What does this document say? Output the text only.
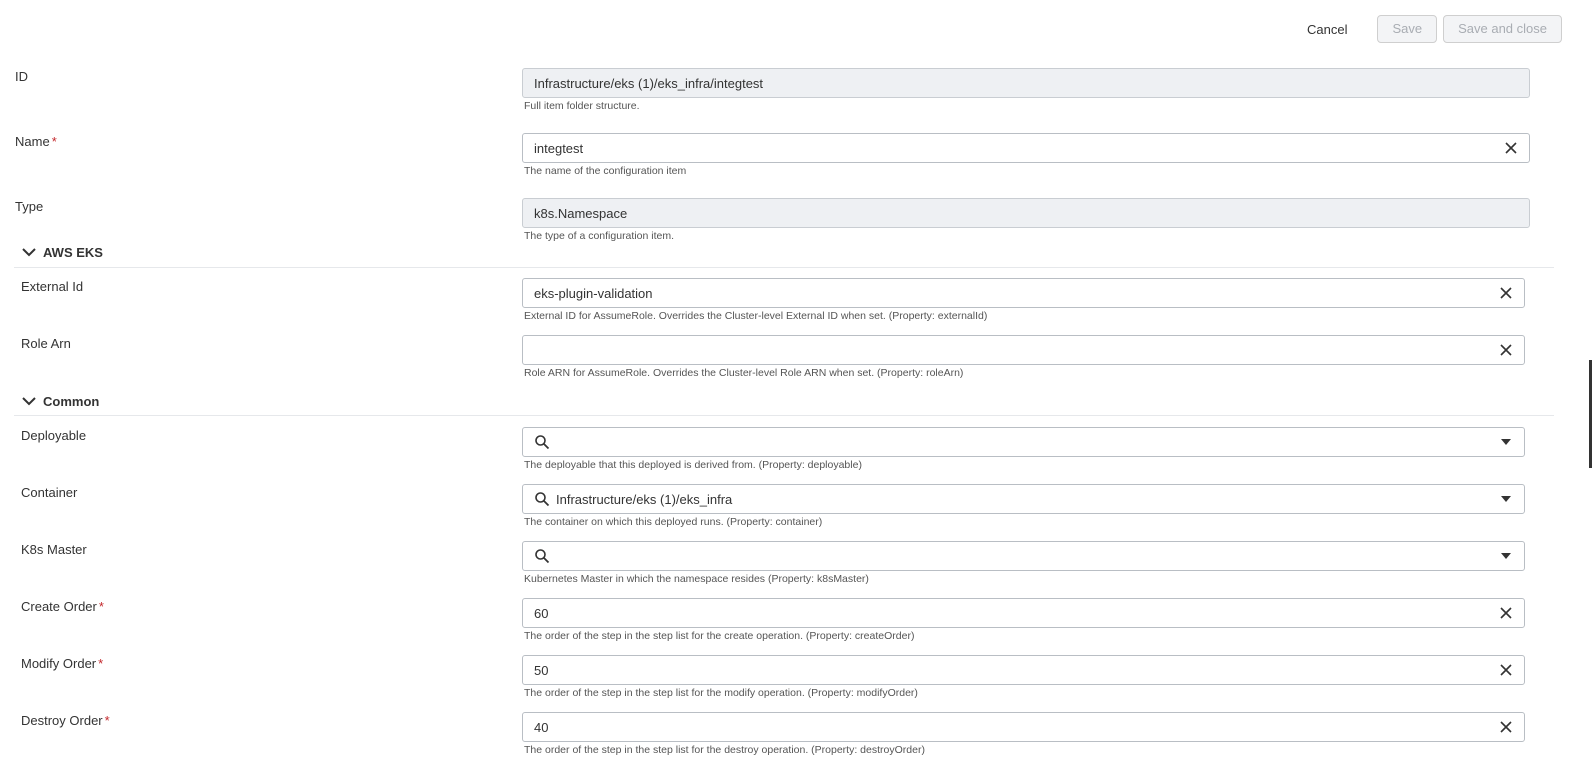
Cancel	Save	Save and close
ID	Infrastructure/eks (1)/eks_infra/integtest
Full item folder structure.
Name *	integtest
The name of the configuration item
Type	k8s.Namespace
The type of a configuration item.
AWS EKS
External Id	eks-plugin-validation
External ID for AssumeRole. Overrides the Cluster-level External ID when set. (Property: externalId)
Role Arn
Role ARN for AssumeRole. Overrides the Cluster-level Role ARN when set. (Property: roleArn)
Common
Deployable
The deployable that this deployed is derived from. (Property: deployable)
Container	Infrastructure/eks (1)/eks_infra
The container on which this deployed runs. (Property: container)
K8s Master
Kubernetes Master in which the namespace resides (Property: k8sMaster)
Create Order *	60
The order of the step in the step list for the create operation. (Property: createOrder)
Modify Order *	50
The order of the step in the step list for the modify operation. (Property: modifyOrder)
Destroy Order *	40
The order of the step in the step list for the destroy operation. (Property: destroyOrder)
